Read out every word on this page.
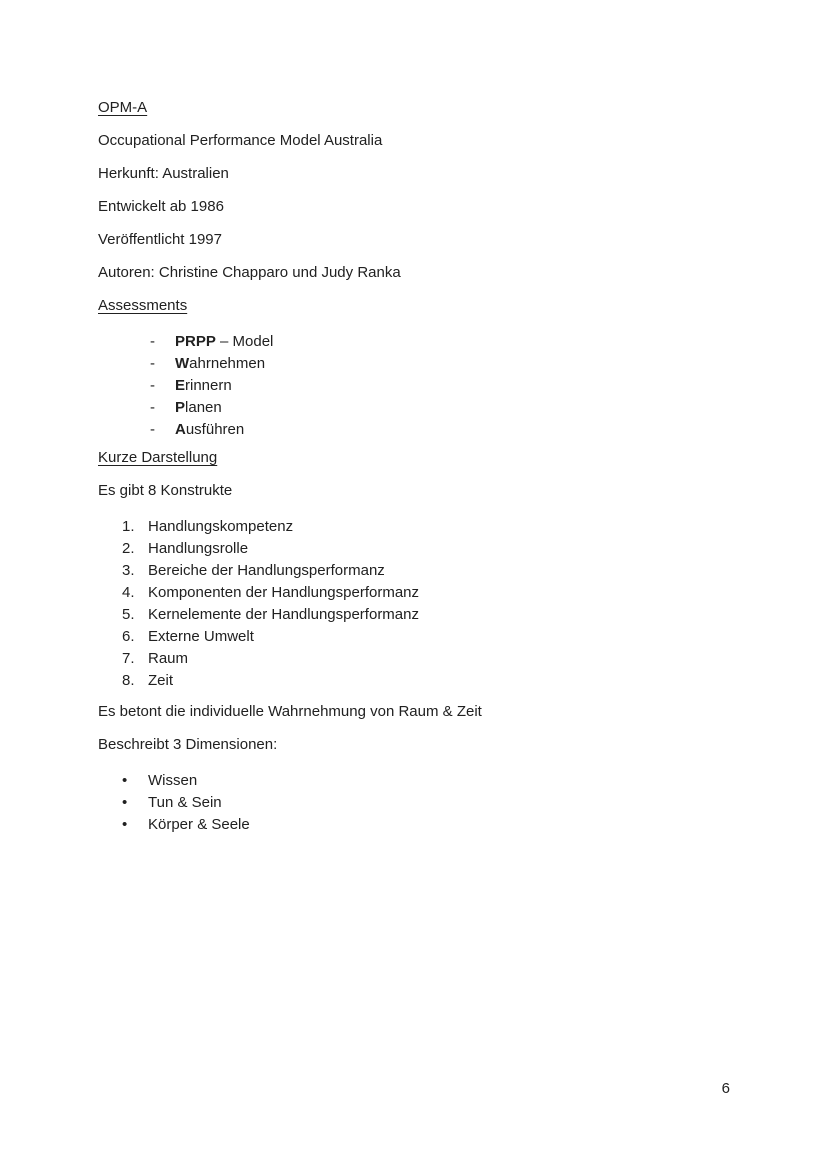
OPM-A

Occupational Performance Model Australia

Herkunft: Australien

Entwickelt ab 1986

Veröffentlicht 1997

Autoren: Christine Chapparo und Judy Ranka

Assessments

-	PRPP – Model
-	Wahrnehmen
-	Erinnern
-	Planen
-	Ausführen

Kurze Darstellung

Es gibt 8 Konstrukte

1. Handlungskompetenz
2. Handlungsrolle
3. Bereiche der Handlungsperformanz
4. Komponenten der Handlungsperformanz
5. Kernelemente der Handlungsperformanz
6. Externe Umwelt
7. Raum
8. Zeit

Es betont die individuelle Wahrnehmung von Raum & Zeit

Beschreibt 3 Dimensionen:

•	Wissen
•	Tun & Sein
•	Körper & Seele
6
